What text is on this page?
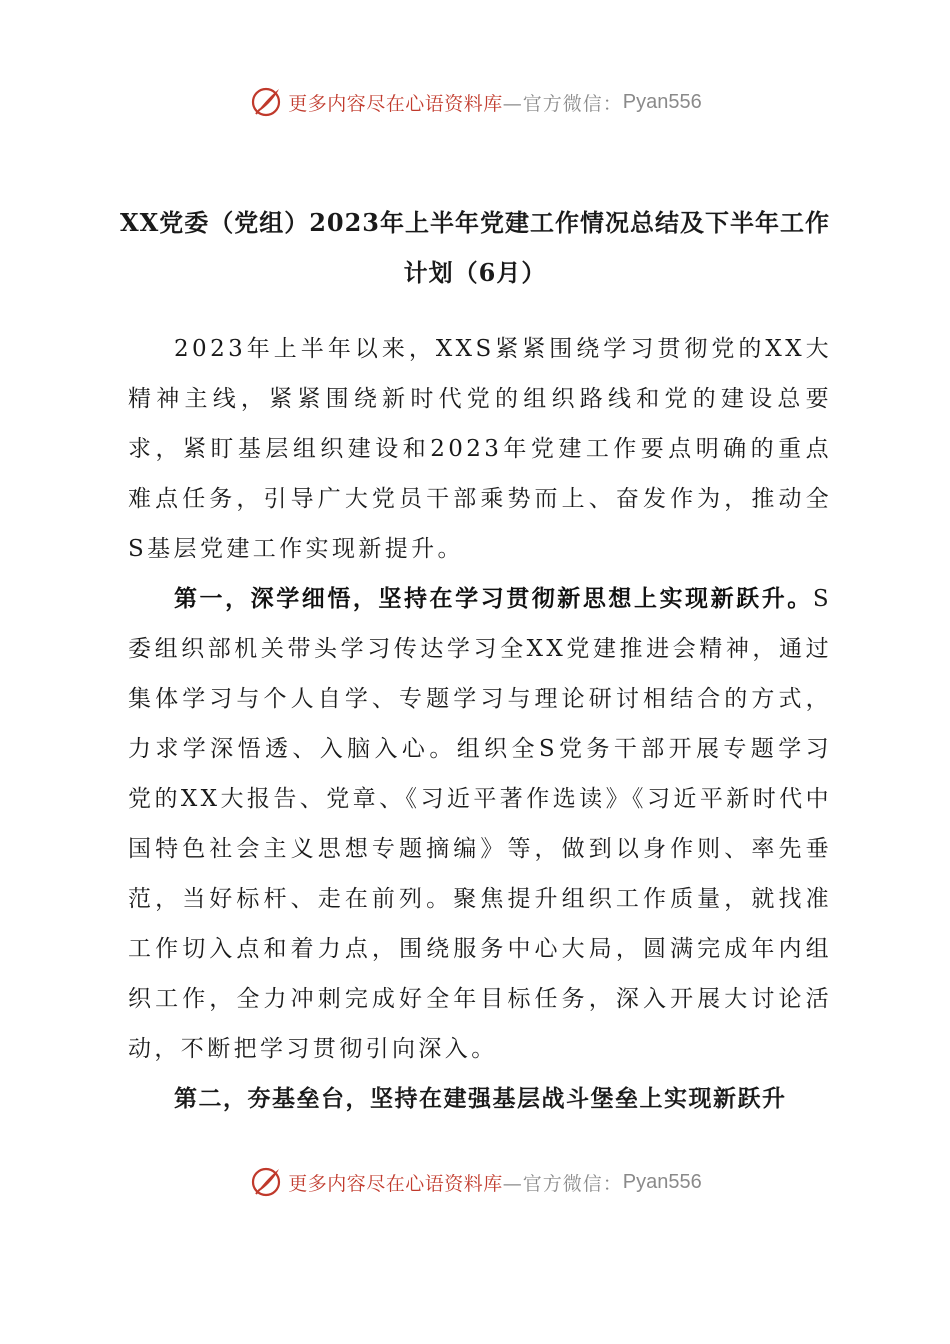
更多内容尽在心语资料库 —官方微信： Pyan556
XX党委（党组）2023年上半年党建工作情况总结及下半年工作计划（6月）

2023年上半年以来，XXS紧紧围绕学习贯彻党的XX大精神主线，紧紧围绕新时代党的组织路线和党的建设总要求，紧盯基层组织建设和2023年党建工作要点明确的重点难点任务，引导广大党员干部乘势而上、奋发作为，推动全S基层党建工作实现新提升。

第一，深学细悟，坚持在学习贯彻新思想上实现新跃升。S委组织部机关带头学习传达学习全XX党建推进会精神，通过集体学习与个人自学、专题学习与理论研讨相结合的方式，力求学深悟透、入脑入心。组织全S党务干部开展专题学习党的XX大报告、党章、《习近平著作选读》《习近平新时代中国特色社会主义思想专题摘编》等，做到以身作则、率先垂范，当好标杆、走在前列。聚焦提升组织工作质量，就找准工作切入点和着力点，围绕服务中心大局，圆满完成年内组织工作，全力冲刺完成好全年目标任务，深入开展大讨论活动，不断把学习贯彻引向深入。

第二，夯基垒台，坚持在建强基层战斗堡垒上实现新跃升

更多内容尽在心语资料库 —官方微信： Pyan556
